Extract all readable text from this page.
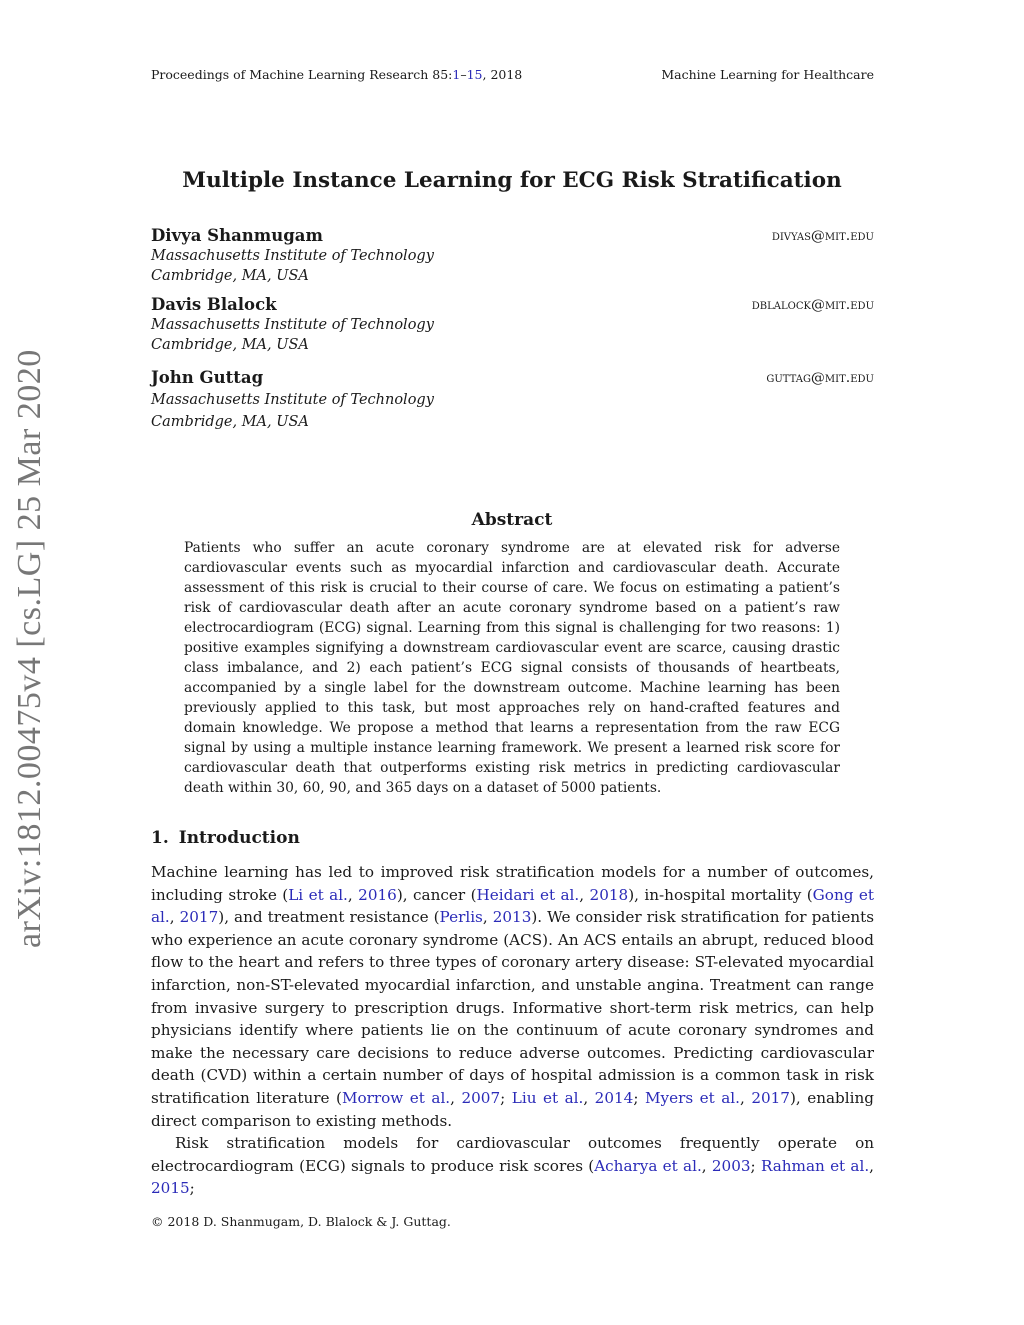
Proceedings of Machine Learning Research 85:1–15, 2018	Machine Learning for Healthcare
Multiple Instance Learning for ECG Risk Stratification
Divya Shanmugam	divyas@mit.edu
Massachusetts Institute of Technology
Cambridge, MA, USA
Davis Blalock	dblalock@mit.edu
Massachusetts Institute of Technology
Cambridge, MA, USA
John Guttag	guttag@mit.edu
Massachusetts Institute of Technology
Cambridge, MA, USA
arXiv:1812.00475v4 [cs.LG] 25 Mar 2020	Abstract
Patients who suffer an acute coronary syndrome are at elevated risk for adverse cardiovascular events such as myocardial infarction and cardiovascular death. Accurate assessment of this risk is crucial to their course of care. We focus on estimating a patient’s risk of cardiovascular death after an acute coronary syndrome based on a patient’s raw electrocardiogram (ECG) signal. Learning from this signal is challenging for two reasons: 1) positive examples signifying a downstream cardiovascular event are scarce, causing drastic class imbalance, and 2) each patient’s ECG signal consists of thousands of heartbeats, accompanied by a single label for the downstream outcome. Machine learning has been previously applied to this task, but most approaches rely on hand-crafted features and domain knowledge. We propose a method that learns a representation from the raw ECG signal by using a multiple instance learning framework. We present a learned risk score for cardiovascular death that outperforms existing risk metrics in predicting cardiovascular death within 30, 60, 90, and 365 days on a dataset of 5000 patients.
1. Introduction

Machine learning has led to improved risk stratification models for a number of outcomes, including stroke (Li et al., 2016), cancer (Heidari et al., 2018), in-hospital mortality (Gong et al., 2017), and treatment resistance (Perlis, 2013). We consider risk stratification for patients who experience an acute coronary syndrome (ACS). An ACS entails an abrupt, reduced blood flow to the heart and refers to three types of coronary artery disease: ST-elevated myocardial infarction, non-ST-elevated myocardial infarction, and unstable angina. Treatment can range from invasive surgery to prescription drugs. Informative short-term risk metrics, can help physicians identify where patients lie on the continuum of acute coronary syndromes and make the necessary care decisions to reduce adverse outcomes. Predicting cardiovascular death (CVD) within a certain number of days of hospital admission is a common task in risk stratification literature (Morrow et al., 2007; Liu et al., 2014; Myers et al., 2017), enabling direct comparison to existing methods.

Risk stratification models for cardiovascular outcomes frequently operate on electrocardiogram (ECG) signals to produce risk scores (Acharya et al., 2003; Rahman et al., 2015;

© 2018 D. Shanmugam, D. Blalock & J. Guttag.
